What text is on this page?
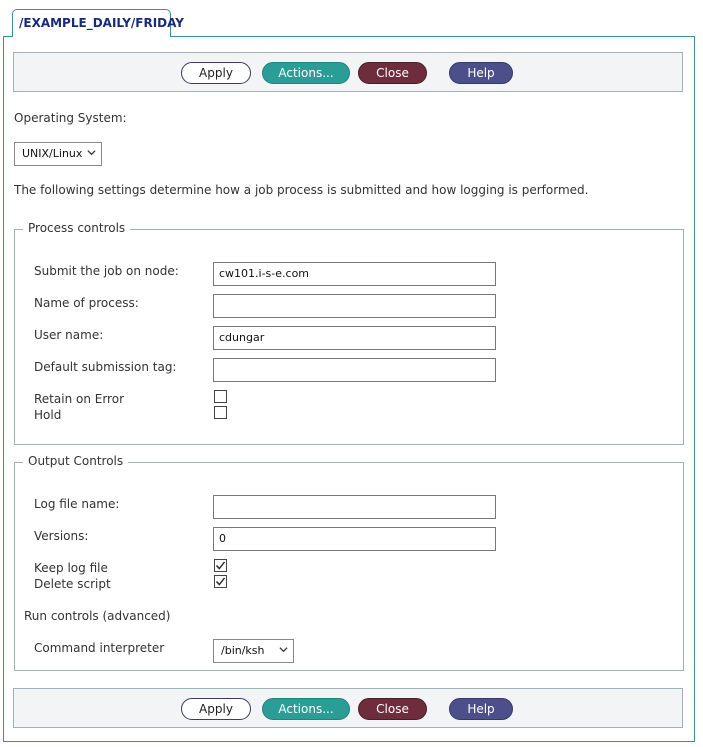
/EXAMPLE_DAILY/FRIDAY
Apply	Actions...	Close	Help
Operating System:
UNIX/Linux
The following settings determine how a job process is submitted and how logging is performed.
Process controls
Submit the job on node:	cw101.i-s-e.com
Name of process:
User name:	cdungar
Default submission tag:
Retain on Error
Hold
Output Controls
Log file name:
Versions:	0
Keep log file
Delete script
Run controls (advanced)
Command interpreter	/bin/ksh
Apply	Actions...	Close	Help
